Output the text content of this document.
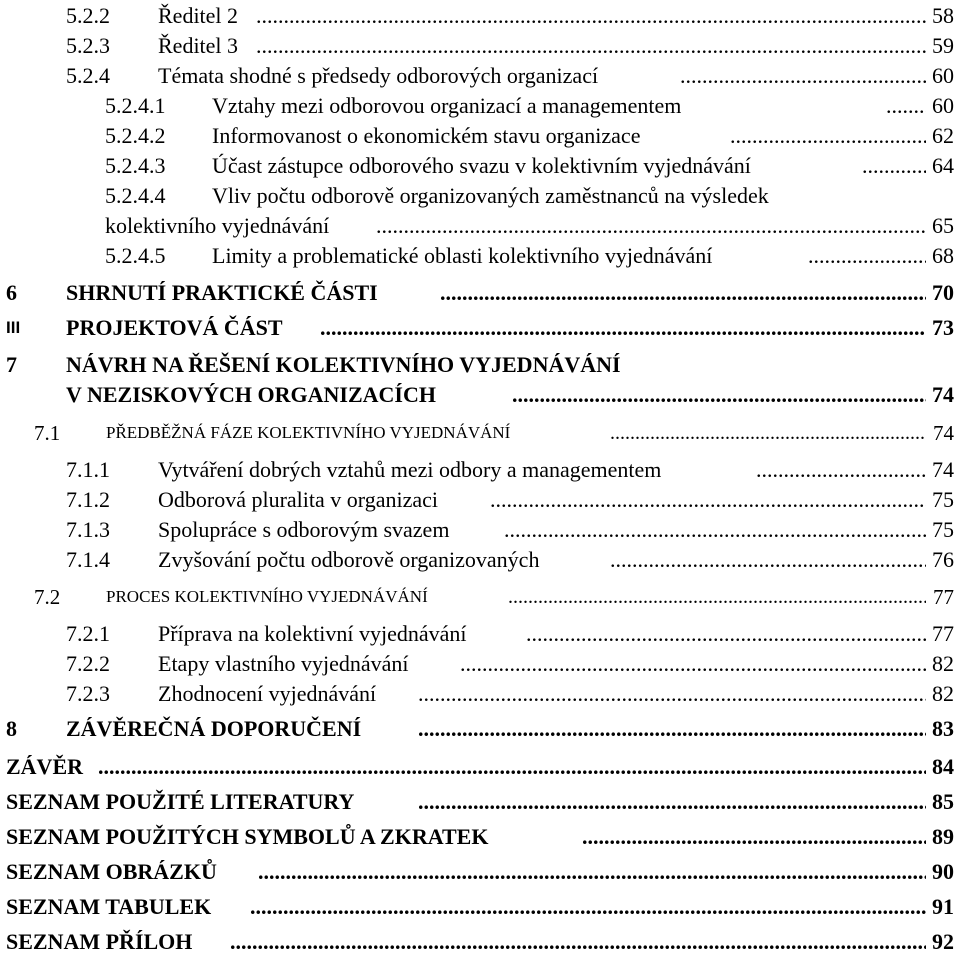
5.2.2 Ředitel 2 .....	58
5.2.3 Ředitel 3 .....	59
5.2.4 Témata shodné s předsedy odborových organizací .....	60
5.2.4.1 Vztahy mezi odborovou organizací a managementem .....	60
5.2.4.2 Informovanost o ekonomickém stavu organizace .....	62
5.2.4.3 Účast zástupce odborového svazu v kolektivním vyjednávání .....	64
5.2.4.4 Vliv počtu odborově organizovaných zaměstnanců na výsledek
kolektivního vyjednávání .....	65
5.2.4.5 Limity a problematické oblasti kolektivního vyjednávání .....	68
6 SHRNUTÍ PRAKTICKÉ ČÁSTI .....	70
III PROJEKTOVÁ ČÁST .....	73
7 NÁVRH NA ŘEŠENÍ KOLEKTIVNÍHO VYJEDNÁVÁNÍ
V NEZISKOVÝCH ORGANIZACÍCH .....	74
7.1	PŘEDBĚŽNÁ FÁZE KOLEKTIVNÍHO VYJEDNÁVÁNÍ .....	74
7.1.1 Vytváření dobrých vztahů mezi odbory a managementem .....	74
7.1.2 Odborová pluralita v organizaci .....	75
7.1.3 Spolupráce s odborovým svazem .....	75
7.1.4 Zvyšování počtu odborově organizovaných .....	76
7.2	PROCES KOLEKTIVNÍHO VYJEDNÁVÁNÍ .....	77
7.2.1 Příprava na kolektivní vyjednávání .....	77
7.2.2 Etapy vlastního vyjednávání .....	82
7.2.3 Zhodnocení vyjednávání .....	82
8 ZÁVĚREČNÁ DOPORUČENÍ .....	83
ZÁVĚR .....	84
SEZNAM POUŽITÉ LITERATURY .....	85
SEZNAM POUŽITÝCH SYMBOLŮ A ZKRATEK .....	89
SEZNAM OBRÁZKŮ .....	90
SEZNAM TABULEK .....	91
SEZNAM PŘÍLOH .....	92
